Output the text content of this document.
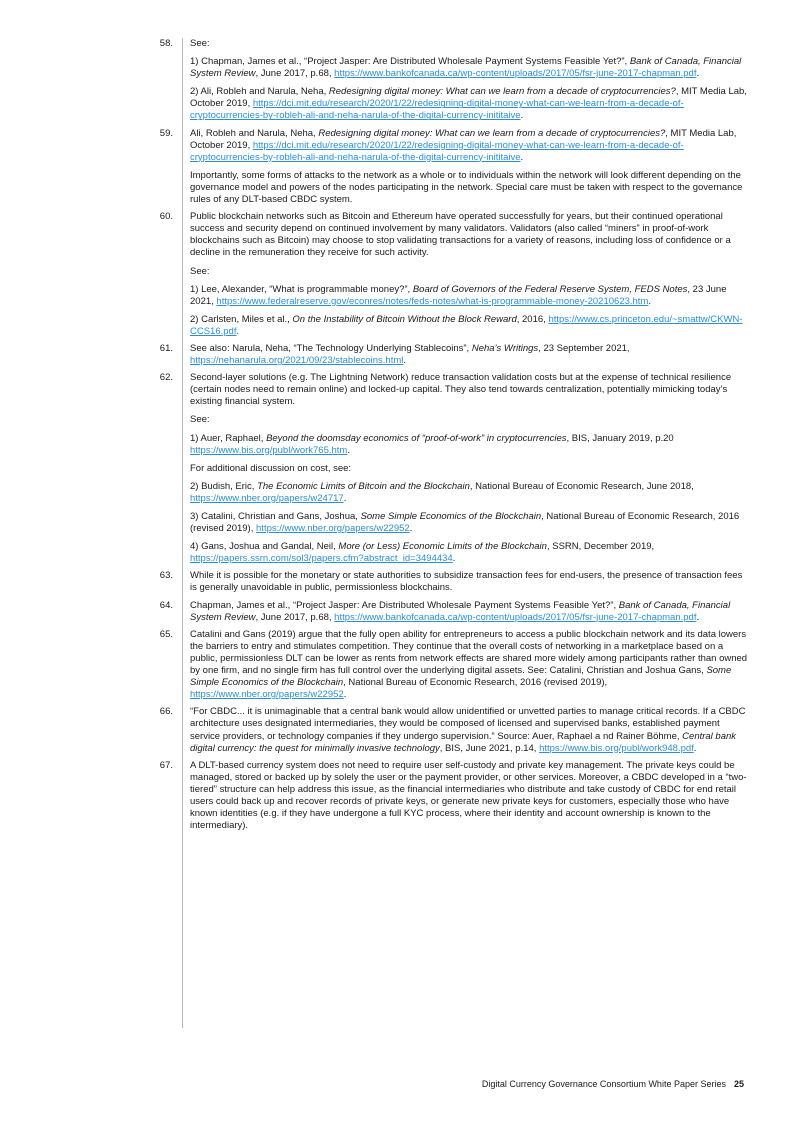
58. See:

1) Chapman, James et al., “Project Jasper: Are Distributed Wholesale Payment Systems Feasible Yet?”, Bank of Canada, Financial System Review, June 2017, p.68, https://www.bankofcanada.ca/wp-content/uploads/2017/05/fsr-june-2017-chapman.pdf.

2) Ali, Robleh and Narula, Neha, Redesigning digital money: What can we learn from a decade of cryptocurrencies?, MIT Media Lab, October 2019, https://dci.mit.edu/research/2020/1/22/redesigning-digital-money-what-can-we-learn-from-a-decade-of-cryptocurrencies-by-robleh-ali-and-neha-narula-of-the-digital-currency-inititaive.

59. Ali, Robleh and Narula, Neha, Redesigning digital money: What can we learn from a decade of cryptocurrencies?, MIT Media Lab, October 2019, https://dci.mit.edu/research/2020/1/22/redesigning-digital-money-what-can-we-learn-from-a-decade-of-cryptocurrencies-by-robleh-ali-and-neha-narula-of-the-digital-currency-inititaive.

Importantly, some forms of attacks to the network as a whole or to individuals within the network will look different depending on the governance model and powers of the nodes participating in the network. Special care must be taken with respect to the governance rules of any DLT-based CBDC system.

60. Public blockchain networks such as Bitcoin and Ethereum have operated successfully for years, but their continued operational success and security depend on continued involvement by many validators. Validators (also called “miners” in proof-of-work blockchains such as Bitcoin) may choose to stop validating transactions for a variety of reasons, including loss of confidence or a decline in the remuneration they receive for such activity.

See:

1) Lee, Alexander, “What is programmable money?”, Board of Governors of the Federal Reserve System, FEDS Notes, 23 June 2021, https://www.federalreserve.gov/econres/notes/feds-notes/what-is-programmable-money-20210623.htm.

2) Carlsten, Miles et al., On the Instability of Bitcoin Without the Block Reward, 2016, https://www.cs.princeton.edu/~smattw/CKWN-CCS16.pdf.

61. See also: Narula, Neha, “The Technology Underlying Stablecoins”, Neha’s Writings, 23 September 2021, https://nehanarula.org/2021/09/23/stablecoins.html.

62. Second-layer solutions (e.g. The Lightning Network) reduce transaction validation costs but at the expense of technical resilience (certain nodes need to remain online) and locked-up capital. They also tend towards centralization, potentially mimicking today’s existing financial system.

See:

1) Auer, Raphael, Beyond the doomsday economics of “proof-of-work” in cryptocurrencies, BIS, January 2019, p.20 https://www.bis.org/publ/work765.htm.

For additional discussion on cost, see:

2) Budish, Eric, The Economic Limits of Bitcoin and the Blockchain, National Bureau of Economic Research, June 2018, https://www.nber.org/papers/w24717.

3) Catalini, Christian and Gans, Joshua, Some Simple Economics of the Blockchain, National Bureau of Economic Research, 2016 (revised 2019), https://www.nber.org/papers/w22952.

4) Gans, Joshua and Gandal, Neil, More (or Less) Economic Limits of the Blockchain, SSRN, December 2019, https://papers.ssrn.com/sol3/papers.cfm?abstract_id=3494434.

63. While it is possible for the monetary or state authorities to subsidize transaction fees for end-users, the presence of transaction fees is generally unavoidable in public, permissionless blockchains.

64. Chapman, James et al., “Project Jasper: Are Distributed Wholesale Payment Systems Feasible Yet?”, Bank of Canada, Financial System Review, June 2017, p.68, https://www.bankofcanada.ca/wp-content/uploads/2017/05/fsr-june-2017-chapman.pdf.

65. Catalini and Gans (2019) argue that the fully open ability for entrepreneurs to access a public blockchain network and its data lowers the barriers to entry and stimulates competition. They continue that the overall costs of networking in a marketplace based on a public, permissionless DLT can be lower as rents from network effects are shared more widely among participants rather than owned by one firm, and no single firm has full control over the underlying digital assets. See: Catalini, Christian and Joshua Gans, Some Simple Economics of the Blockchain, National Bureau of Economic Research, 2016 (revised 2019), https://www.nber.org/papers/w22952.

66. “For CBDC... it is unimaginable that a central bank would allow unidentified or unvetted parties to manage critical records. If a CBDC architecture uses designated intermediaries, they would be composed of licensed and supervised banks, established payment service providers, or technology companies if they undergo supervision.” Source: Auer, Raphael a nd Rainer Böhme, Central bank digital currency: the quest for minimally invasive technology, BIS, June 2021, p.14, https://www.bis.org/publ/work948.pdf.

67. A DLT-based currency system does not need to require user self-custody and private key management. The private keys could be managed, stored or backed up by solely the user or the payment provider, or other services. Moreover, a CBDC developed in a “two-tiered” structure can help address this issue, as the financial intermediaries who distribute and take custody of CBDC for end retail users could back up and recover records of private keys, or generate new private keys for customers, especially those who have known identities (e.g. if they have undergone a full KYC process, where their identity and account ownership is known to the intermediary).

Digital Currency Governance Consortium White Paper Series 25
